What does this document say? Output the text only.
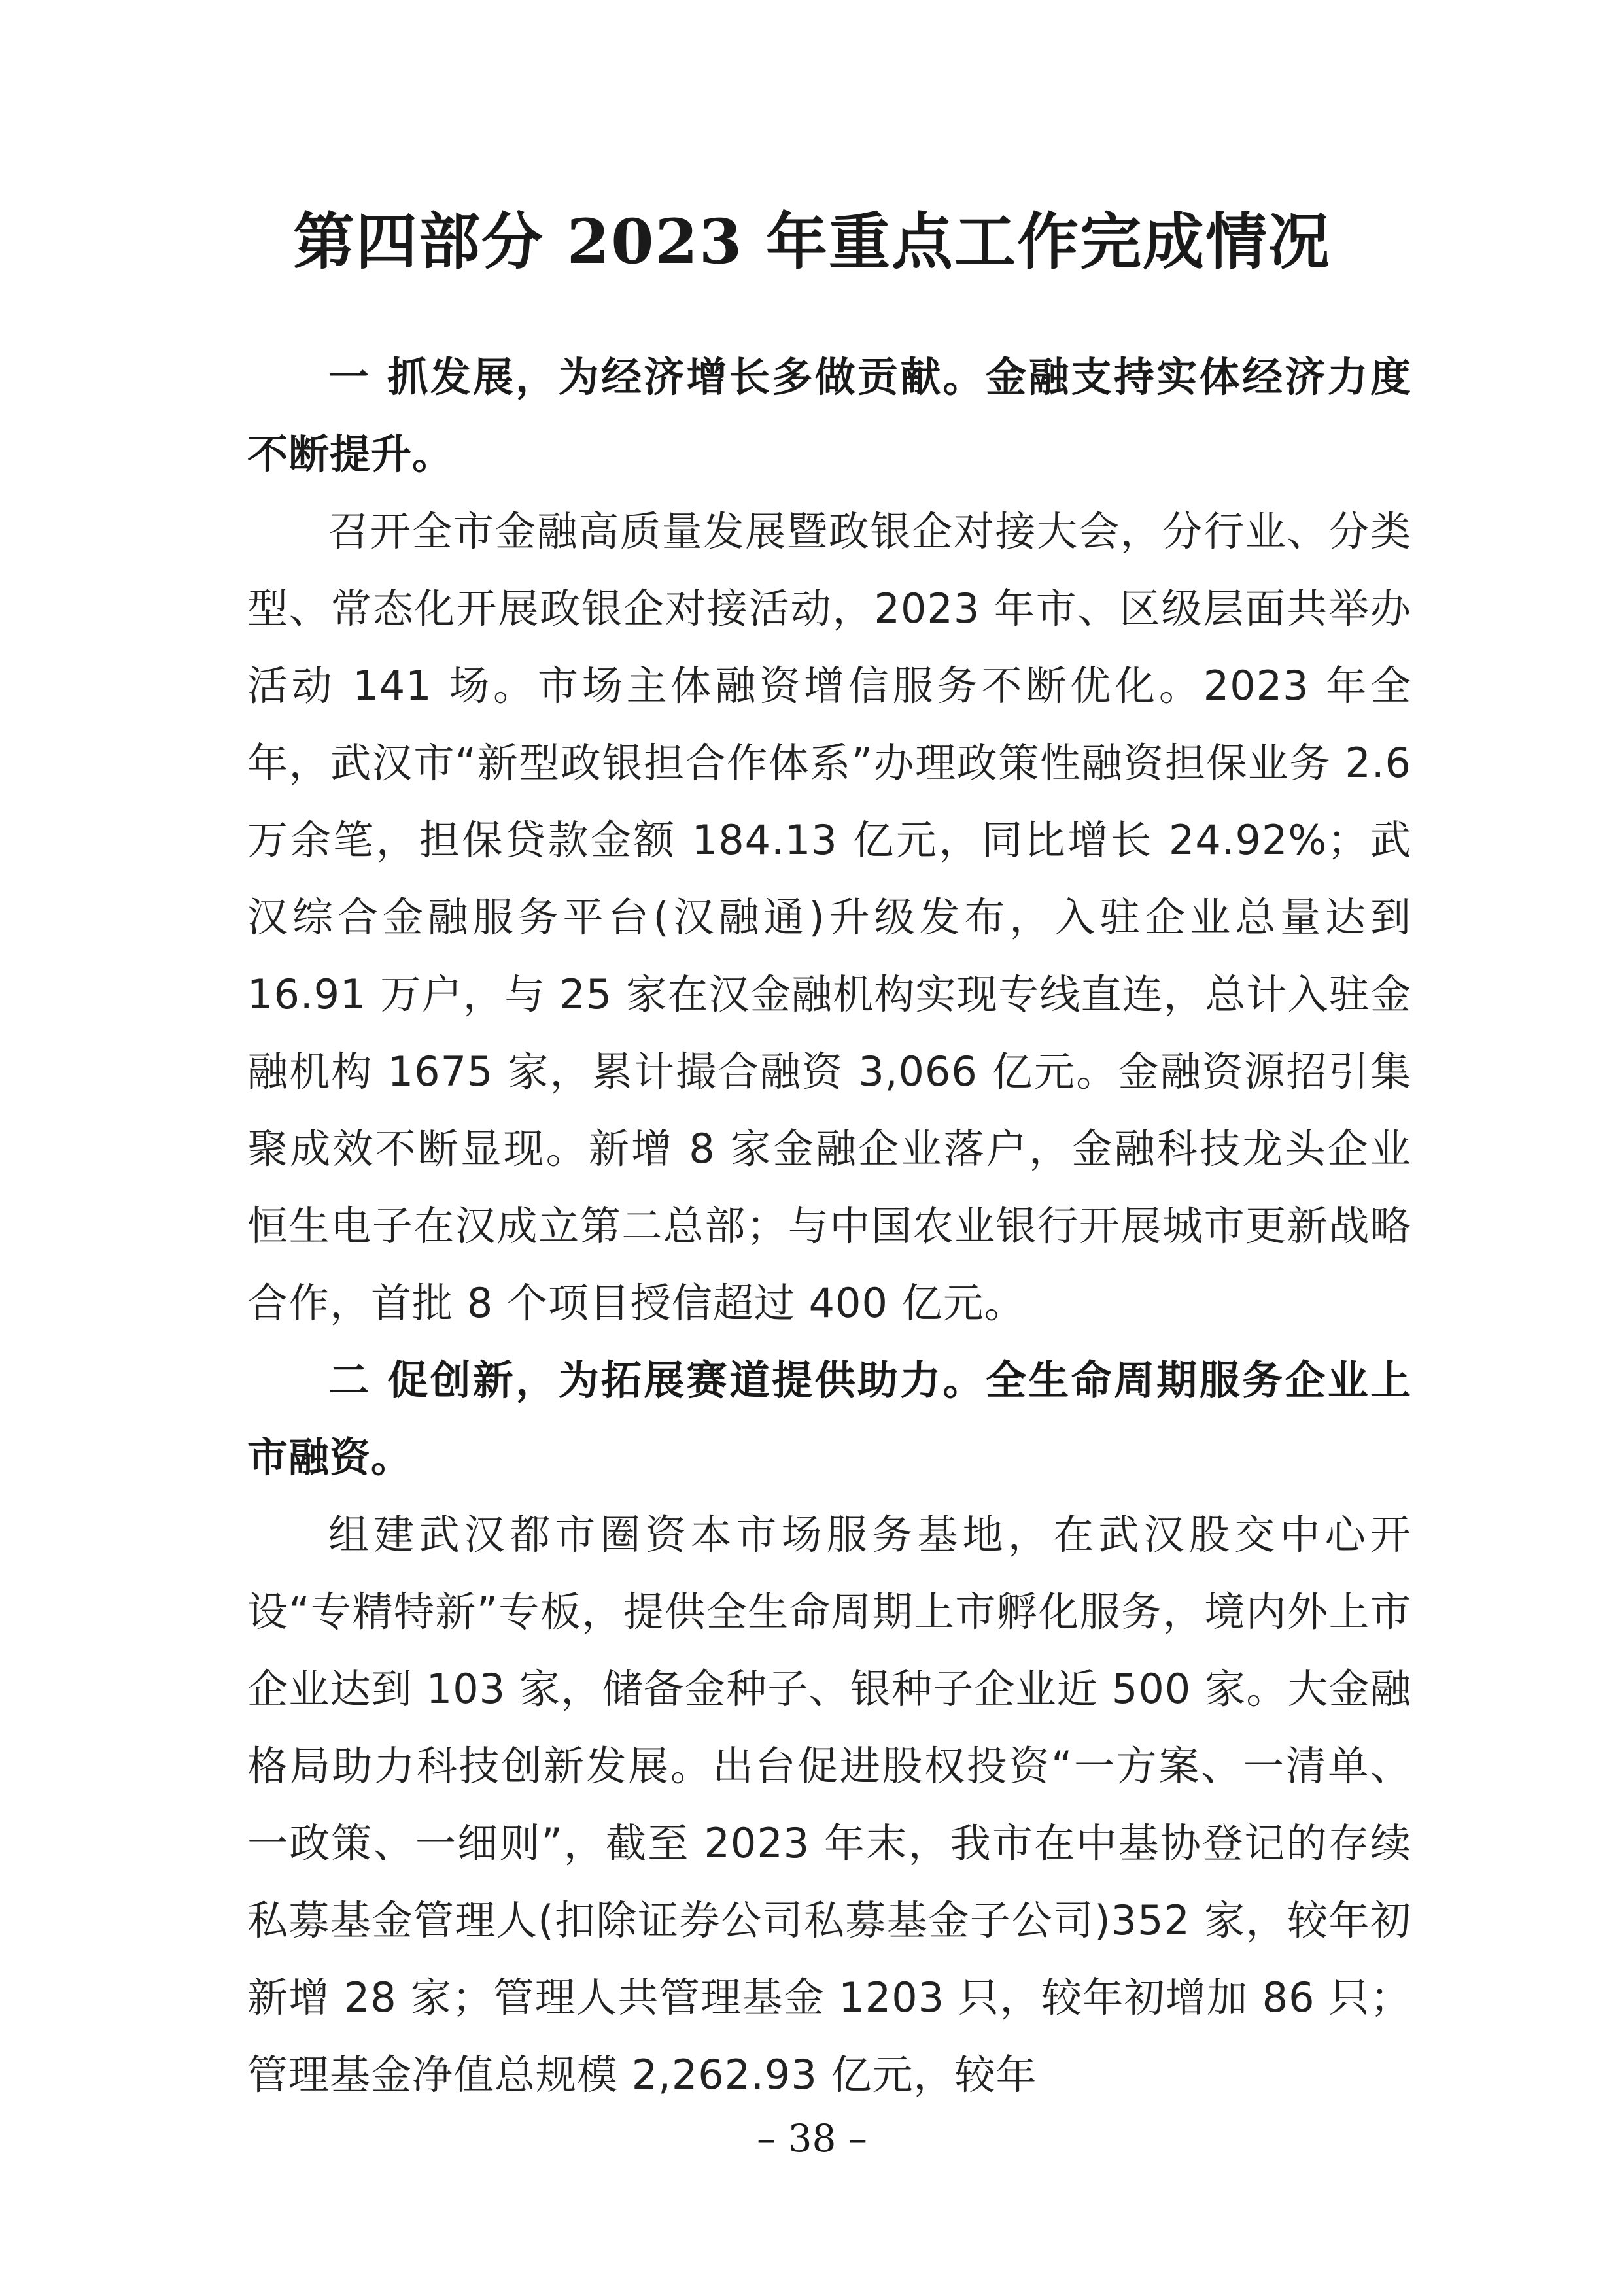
第四部分 2023 年重点工作完成情况

一 抓发展，为经济增长多做贡献。金融支持实体经济力度不断提升。

召开全市金融高质量发展暨政银企对接大会，分行业、分类型、常态化开展政银企对接活动，2023 年市、区级层面共举办活动 141 场。市场主体融资增信服务不断优化。2023 年全年，武汉市“新型政银担合作体系”办理政策性融资担保业务 2.6 万余笔，担保贷款金额 184.13 亿元，同比增长 24.92%；武汉综合金融服务平台(汉融通)升级发布，入驻企业总量达到 16.91 万户，与 25 家在汉金融机构实现专线直连，总计入驻金融机构 1675 家，累计撮合融资 3,066 亿元。金融资源招引集聚成效不断显现。新增 8 家金融企业落户，金融科技龙头企业恒生电子在汉成立第二总部；与中国农业银行开展城市更新战略合作，首批 8 个项目授信超过 400 亿元。

二 促创新，为拓展赛道提供助力。全生命周期服务企业上市融资。

组建武汉都市圈资本市场服务基地，在武汉股交中心开设“专精特新”专板，提供全生命周期上市孵化服务，境内外上市企业达到 103 家，储备金种子、银种子企业近 500 家。大金融格局助力科技创新发展。出台促进股权投资“一方案、一清单、一政策、一细则”，截至 2023 年末，我市在中基协登记的存续私募基金管理人(扣除证券公司私募基金子公司)352 家，较年初新增 28 家；管理人共管理基金 1203 只，较年初增加 86 只；管理基金净值总规模 2,262.93 亿元，较年

– 38 –
